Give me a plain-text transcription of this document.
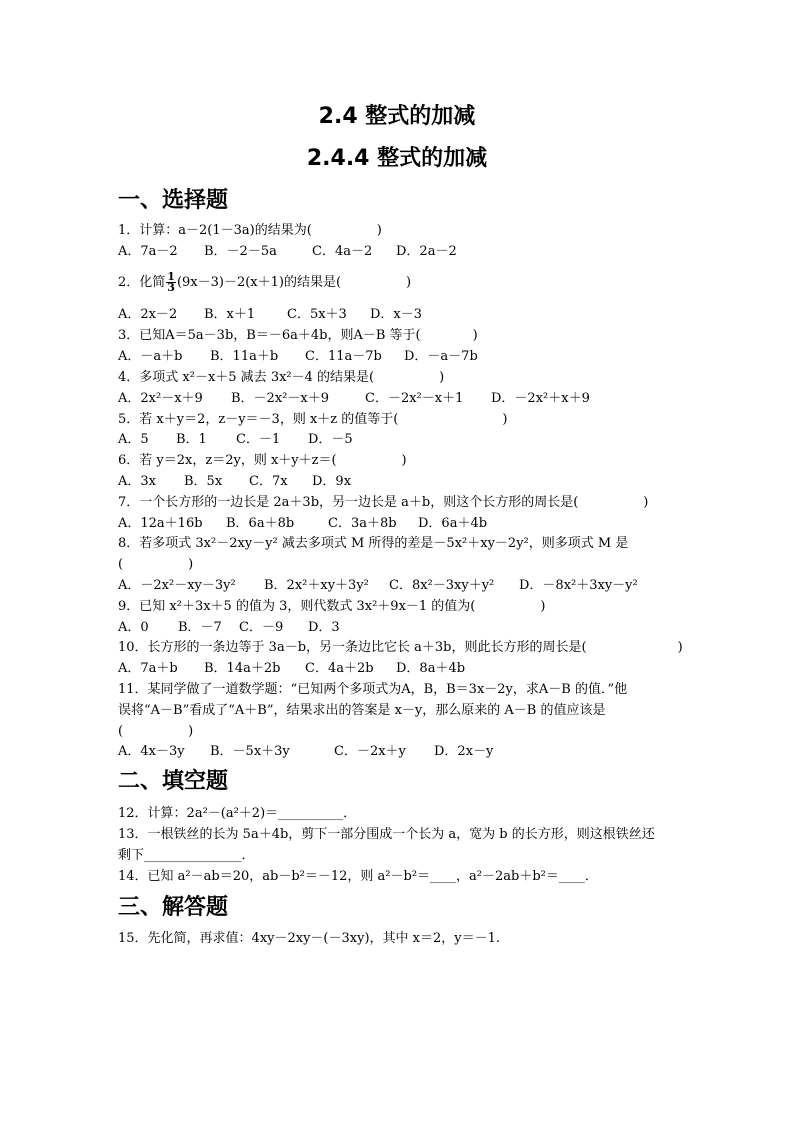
2.4 整式的加减
2.4.4 整式的加减
一、选择题
1．计算：a－2(1－3a)的结果为(　　　　　)
A．7a－2 B．－2－5a	C．4a－2 D．2a－2
2．化简 $\frac{1}{3} (9x-3)-2(x+1)$的结果是(　　　　　)
A．2x－2 B．x＋1 C．5x＋3 D．x－3
3．已知A＝5a－3b，B＝－6a＋4b，则A－B 等于(　　　　)
A．－a＋b B．11a＋b C．11a－7b D．－a－7b
4．多项式 x²－x＋5 减去 3x²－4 的结果是(　　　　　)
A．2x²－x＋9 B．－2x²－x＋9	C．－2x²－x＋1 D．－2x²＋x＋9
5．若 x＋y＝2，z－y＝－3，则 x＋z 的值等于(　　　　　　　　)
A．5 B．1 C．－1 D．－5
6．若 y＝2x，z＝2y，则 x＋y＋z＝(　　　　　)
A．3x B．5x C．7x D．9x
7．一个长方形的一边长是 2a＋3b，另一边长是 a＋b，则这个长方形的周长是(　　　　　)
A．12a＋16b B．6a＋8b	C．3a＋8b D．6a＋4b
8．若多项式 3x²－2xy－y² 减去多项式 M 所得的差是－5x²＋xy－2y²，则多项式 M 是
(　　　　　)
A．－2x²－xy－3y² B．2x²＋xy＋3y² C．8x²－3xy＋y² D．－8x²＋3xy－y²
9．已知 x²＋3x＋5 的值为 3，则代数式 3x²＋9x－1 的值为(　　　　　)
A．0 B．－7 C．－9 D．3
10．长方形的一条边等于 3a－b，另一条边比它长 a＋3b，则此长方形的周长是(　　　　　　　)
A．7a＋b B．14a＋2b C．4a＋2b D．8a＋4b
11．某同学做了一道数学题：“已知两个多项式为A，B，B＝3x－2y，求A－B 的值．”他
误将“A－B”看成了“A＋B”，结果求出的答案是 x－y，那么原来的 A－B 的值应该是
(　　　　　)
A．4x－3y B．－5x＋3y	C．－2x＋y D．2x－y
二、填空题
12．计算：2a²－(a²＋2)＝__________．
13．一根铁丝的长为 5a＋4b，剪下一部分围成一个长为 a，宽为 b 的长方形，则这根铁丝还
剩下_______________．
14．已知 a²－ab＝20，ab－b²＝－12，则 a²－b²＝____，a²－2ab＋b²＝____．
三、解答题
15．先化简，再求值：4xy－2xy－(－3xy)，其中 x＝2，y＝－1.
